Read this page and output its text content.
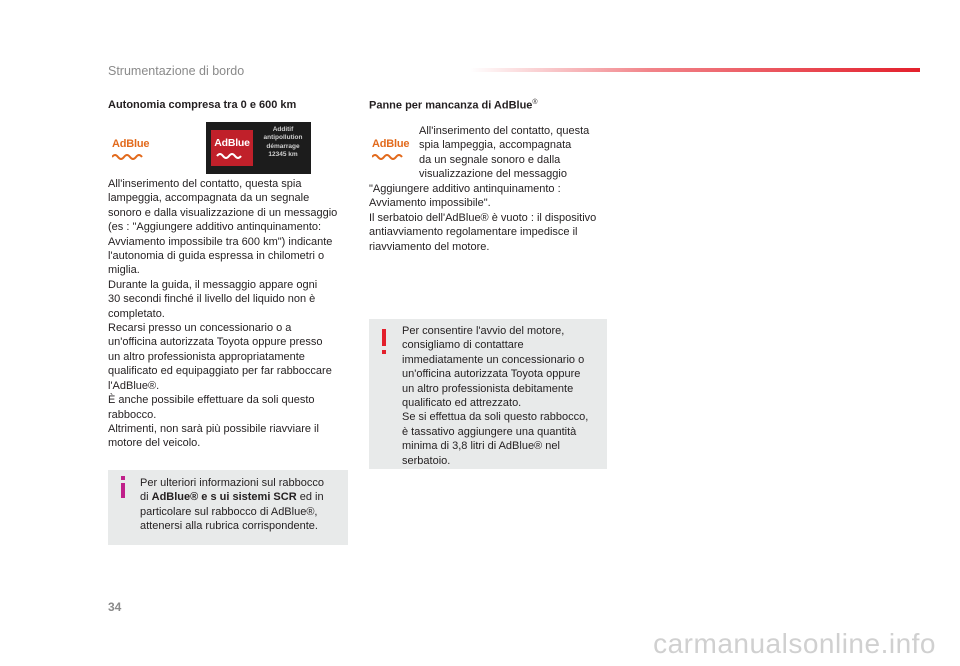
Strumentazione di bordo
Autonomia compresa tra 0 e 600 km
AdBlue	AdBlue
Additif
antipollution
démarrage
12345 km
All'inserimento del contatto, questa spia
lampeggia, accompagnata da un segnale
sonoro e dalla visualizzazione di un messaggio
(es : "Aggiungere additivo antinquinamento:
Avviamento impossibile tra 600 km") indicante
l'autonomia di guida espressa in chilometri o
miglia.
Durante la guida, il messaggio appare ogni
30 secondi finché il livello del liquido non è
completato.
Recarsi presso un concessionario o a
un'officina autorizzata Toyota oppure presso
un altro professionista appropriatamente
qualificato ed equipaggiato per far rabboccare
l'AdBlue®.
È anche possibile effettuare da soli questo
rabbocco.
Altrimenti, non sarà più possibile riavviare il
motore del veicolo.
Per ulteriori informazioni sul rabbocco
di AdBlue® e s ui sistemi SCR ed in
particolare sul rabbocco di AdBlue®,
attenersi alla rubrica corrispondente.
Panne per mancanza di AdBlue®
AdBlue
All'inserimento del contatto, questa
spia lampeggia, accompagnata
da un segnale sonoro e dalla
visualizzazione del messaggio
"Aggiungere additivo antinquinamento :
Avviamento impossibile".
Il serbatoio dell'AdBlue® è vuoto : il dispositivo
antiavviamento regolamentare impedisce il
riavviamento del motore.
Per consentire l'avvio del motore,
consigliamo di contattare
immediatamente un concessionario o
un'officina autorizzata Toyota oppure
un altro professionista debitamente
qualificato ed attrezzato.
Se si effettua da soli questo rabbocco,
è tassativo aggiungere una quantità
minima di 3,8 litri di AdBlue® nel
serbatoio.
34
carmanualsonline.info
